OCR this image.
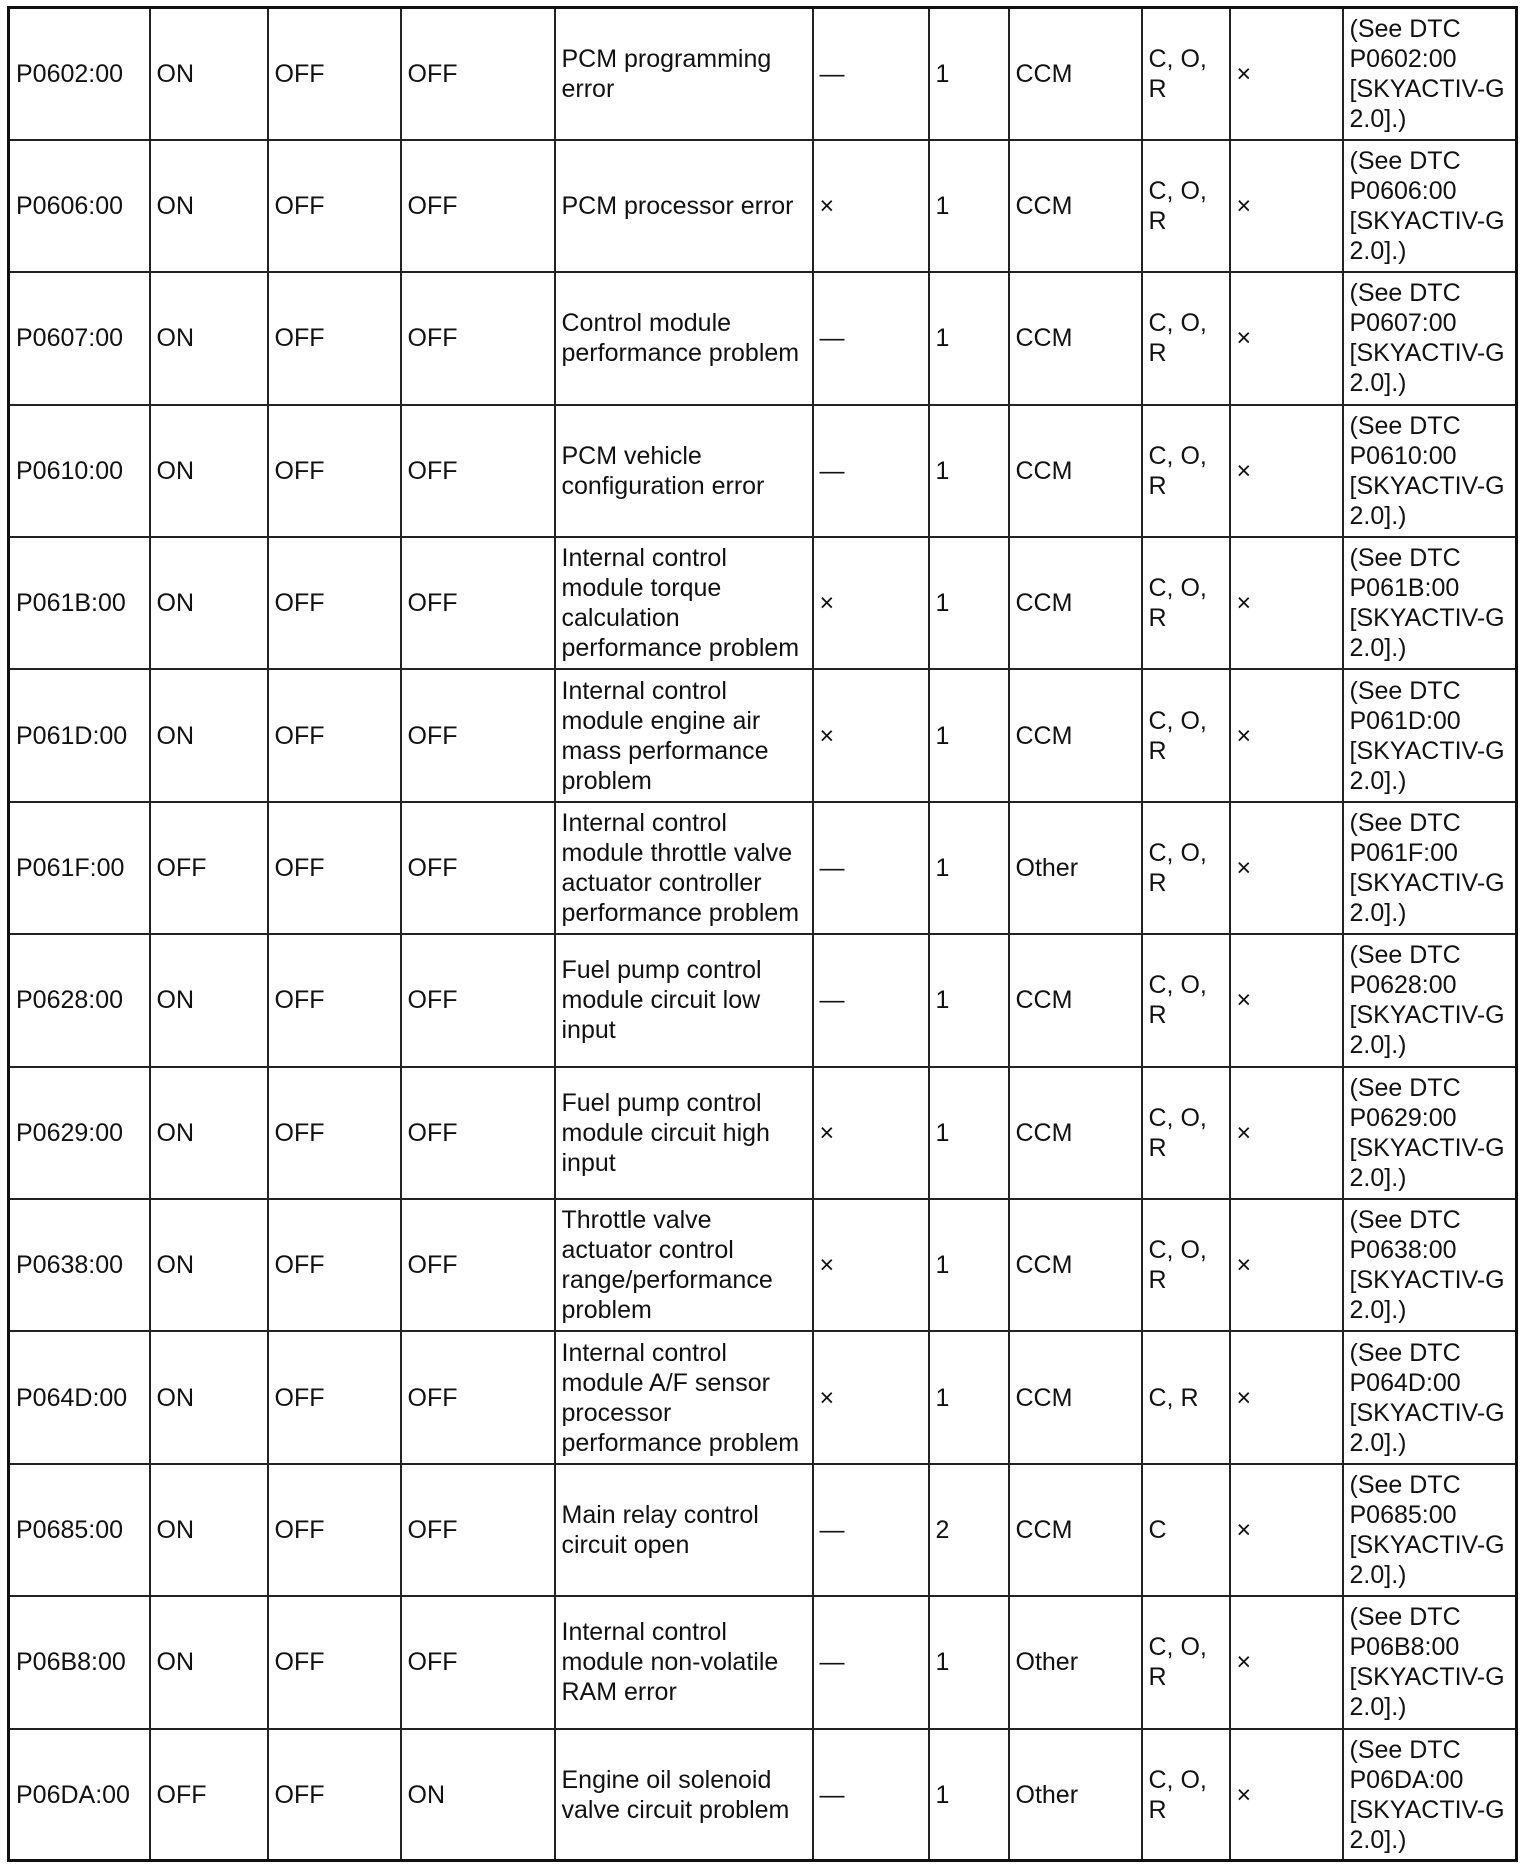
P0602:00	ON	OFF	OFF	PCM programming error	—	1	CCM	C, O, R	×	(See DTC P0602:00 [SKYACTIV-G 2.0].)
P0606:00	ON	OFF	OFF	PCM processor error	×	1	CCM	C, O, R	×	(See DTC P0606:00 [SKYACTIV-G 2.0].)
P0607:00	ON	OFF	OFF	Control module performance problem	—	1	CCM	C, O, R	×	(See DTC P0607:00 [SKYACTIV-G 2.0].)
P0610:00	ON	OFF	OFF	PCM vehicle configuration error	—	1	CCM	C, O, R	×	(See DTC P0610:00 [SKYACTIV-G 2.0].)
P061B:00	ON	OFF	OFF	Internal control module torque calculation performance problem	×	1	CCM	C, O, R	×	(See DTC P061B:00 [SKYACTIV-G 2.0].)
P061D:00	ON	OFF	OFF	Internal control module engine air mass performance problem	×	1	CCM	C, O, R	×	(See DTC P061D:00 [SKYACTIV-G 2.0].)
P061F:00	OFF	OFF	OFF	Internal control module throttle valve actuator controller performance problem	—	1	Other	C, O, R	×	(See DTC P061F:00 [SKYACTIV-G 2.0].)
P0628:00	ON	OFF	OFF	Fuel pump control module circuit low input	—	1	CCM	C, O, R	×	(See DTC P0628:00 [SKYACTIV-G 2.0].)
P0629:00	ON	OFF	OFF	Fuel pump control module circuit high input	×	1	CCM	C, O, R	×	(See DTC P0629:00 [SKYACTIV-G 2.0].)
P0638:00	ON	OFF	OFF	Throttle valve actuator control range/performance problem	×	1	CCM	C, O, R	×	(See DTC P0638:00 [SKYACTIV-G 2.0].)
P064D:00	ON	OFF	OFF	Internal control module A/F sensor processor performance problem	×	1	CCM	C, R	×	(See DTC P064D:00 [SKYACTIV-G 2.0].)
P0685:00	ON	OFF	OFF	Main relay control circuit open	—	2	CCM	C	×	(See DTC P0685:00 [SKYACTIV-G 2.0].)
P06B8:00	ON	OFF	OFF	Internal control module non-volatile RAM error	—	1	Other	C, O, R	×	(See DTC P06B8:00 [SKYACTIV-G 2.0].)
P06DA:00	OFF	OFF	ON	Engine oil solenoid valve circuit problem	—	1	Other	C, O, R	×	(See DTC P06DA:00 [SKYACTIV-G 2.0].)
